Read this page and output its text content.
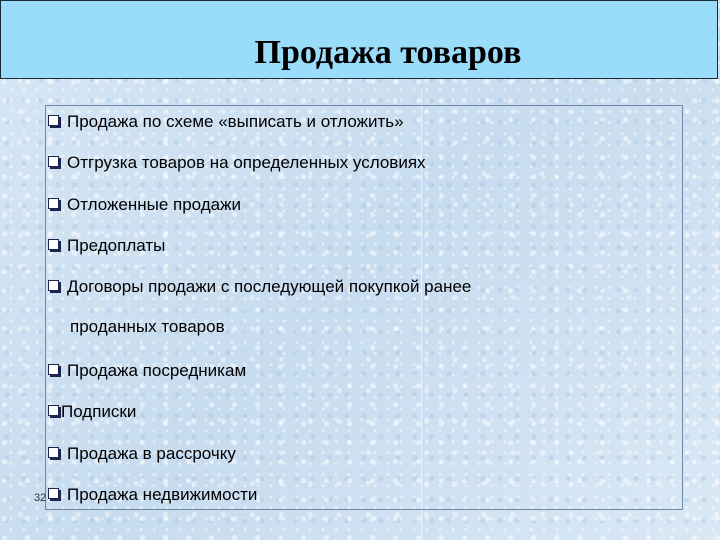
Продажа товаров
Продажа по схеме «выписать и отложить»
Отгрузка товаров на определенных условиях
Отложенные продажи
Предоплаты
Договоры продажи с последующей покупкой ранее
Продажа посредникам
Подписки
Продажа в рассрочку
Продажа недвижимости
проданных товаров
32
